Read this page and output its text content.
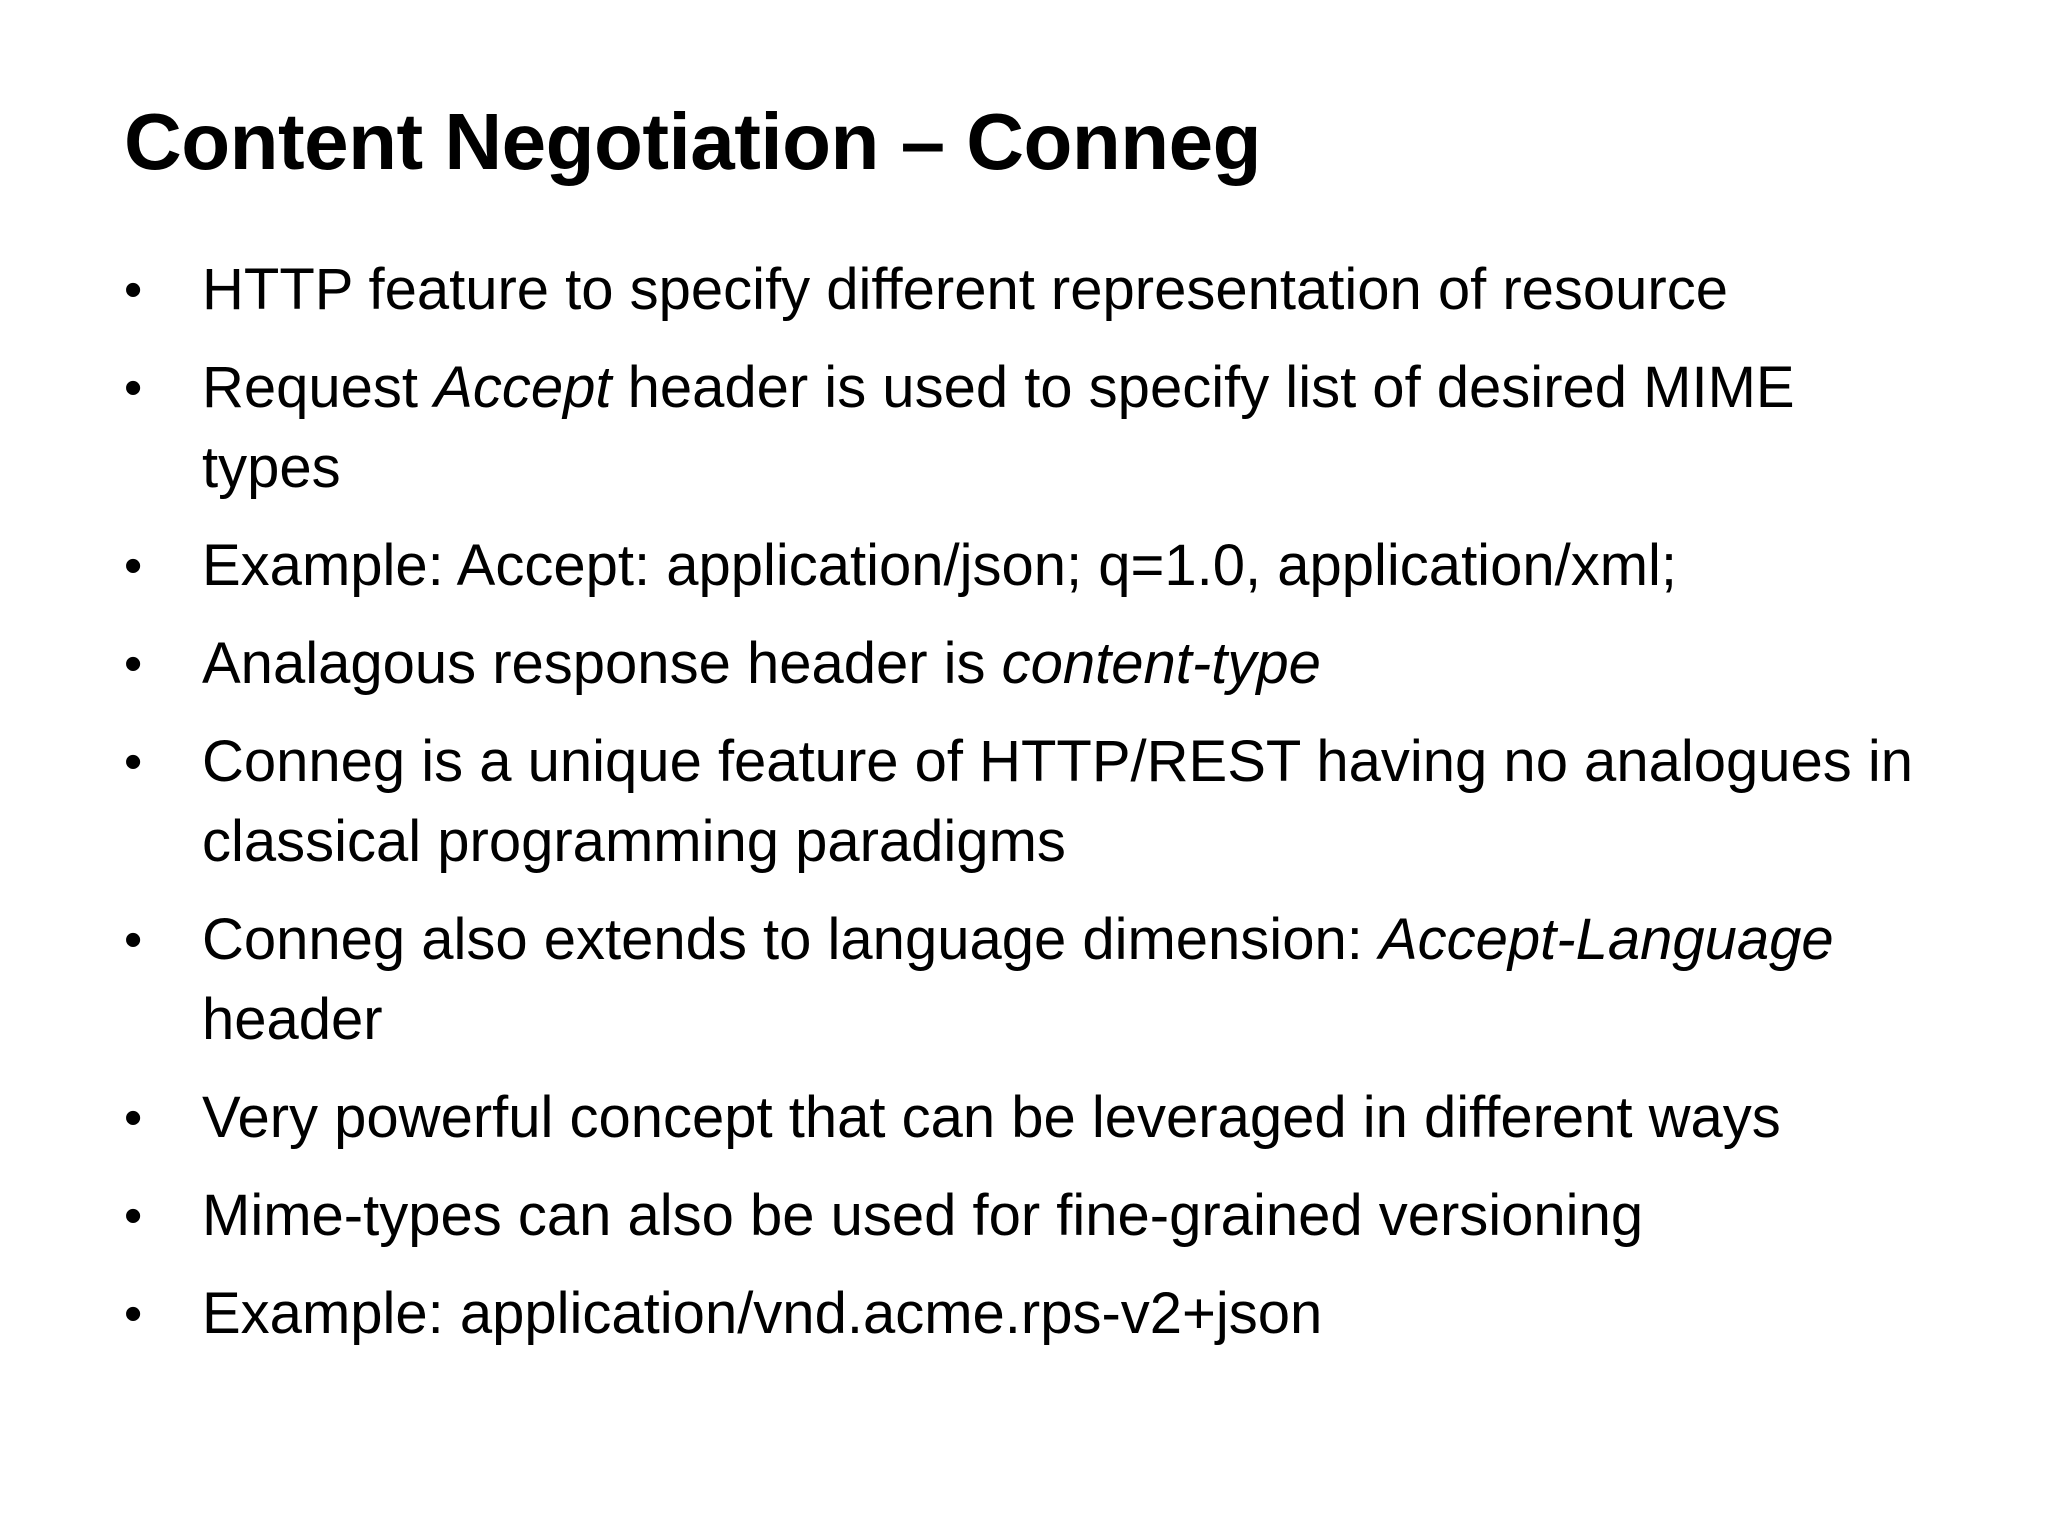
Content Negotiation – Conneg
•	HTTP feature to specify different representation of resource
•	Request Accept header is used to specify list of desired MIME
types
•	Example: Accept: application/json; q=1.0, application/xml;
•	Analagous response header is content-type
•	Conneg is a unique feature of HTTP/REST having no analogues in
classical programming paradigms
•	Conneg also extends to language dimension: Accept-Language
header
•	Very powerful concept that can be leveraged in different ways
•	Mime-types can also be used for fine-grained versioning
•	Example: application/vnd.acme.rps-v2+json
